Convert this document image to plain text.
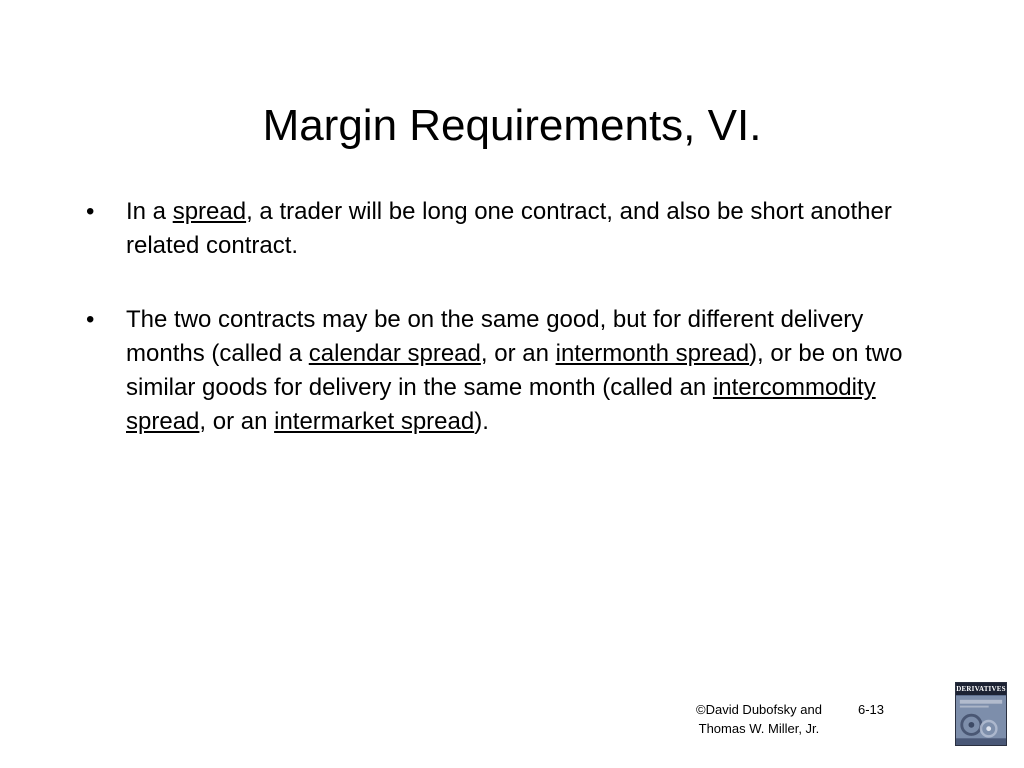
Margin Requirements, VI.
•	In a spread, a trader will be long one contract, and also be short another related contract.
•	The two contracts may be on the same good, but for different delivery months (called a calendar spread, or an intermonth spread), or be on two similar goods for delivery in the same month (called an intercommodity spread, or an intermarket spread).
©David Dubofsky and
Thomas W. Miller, Jr.
6-13
DERIVATIVES
